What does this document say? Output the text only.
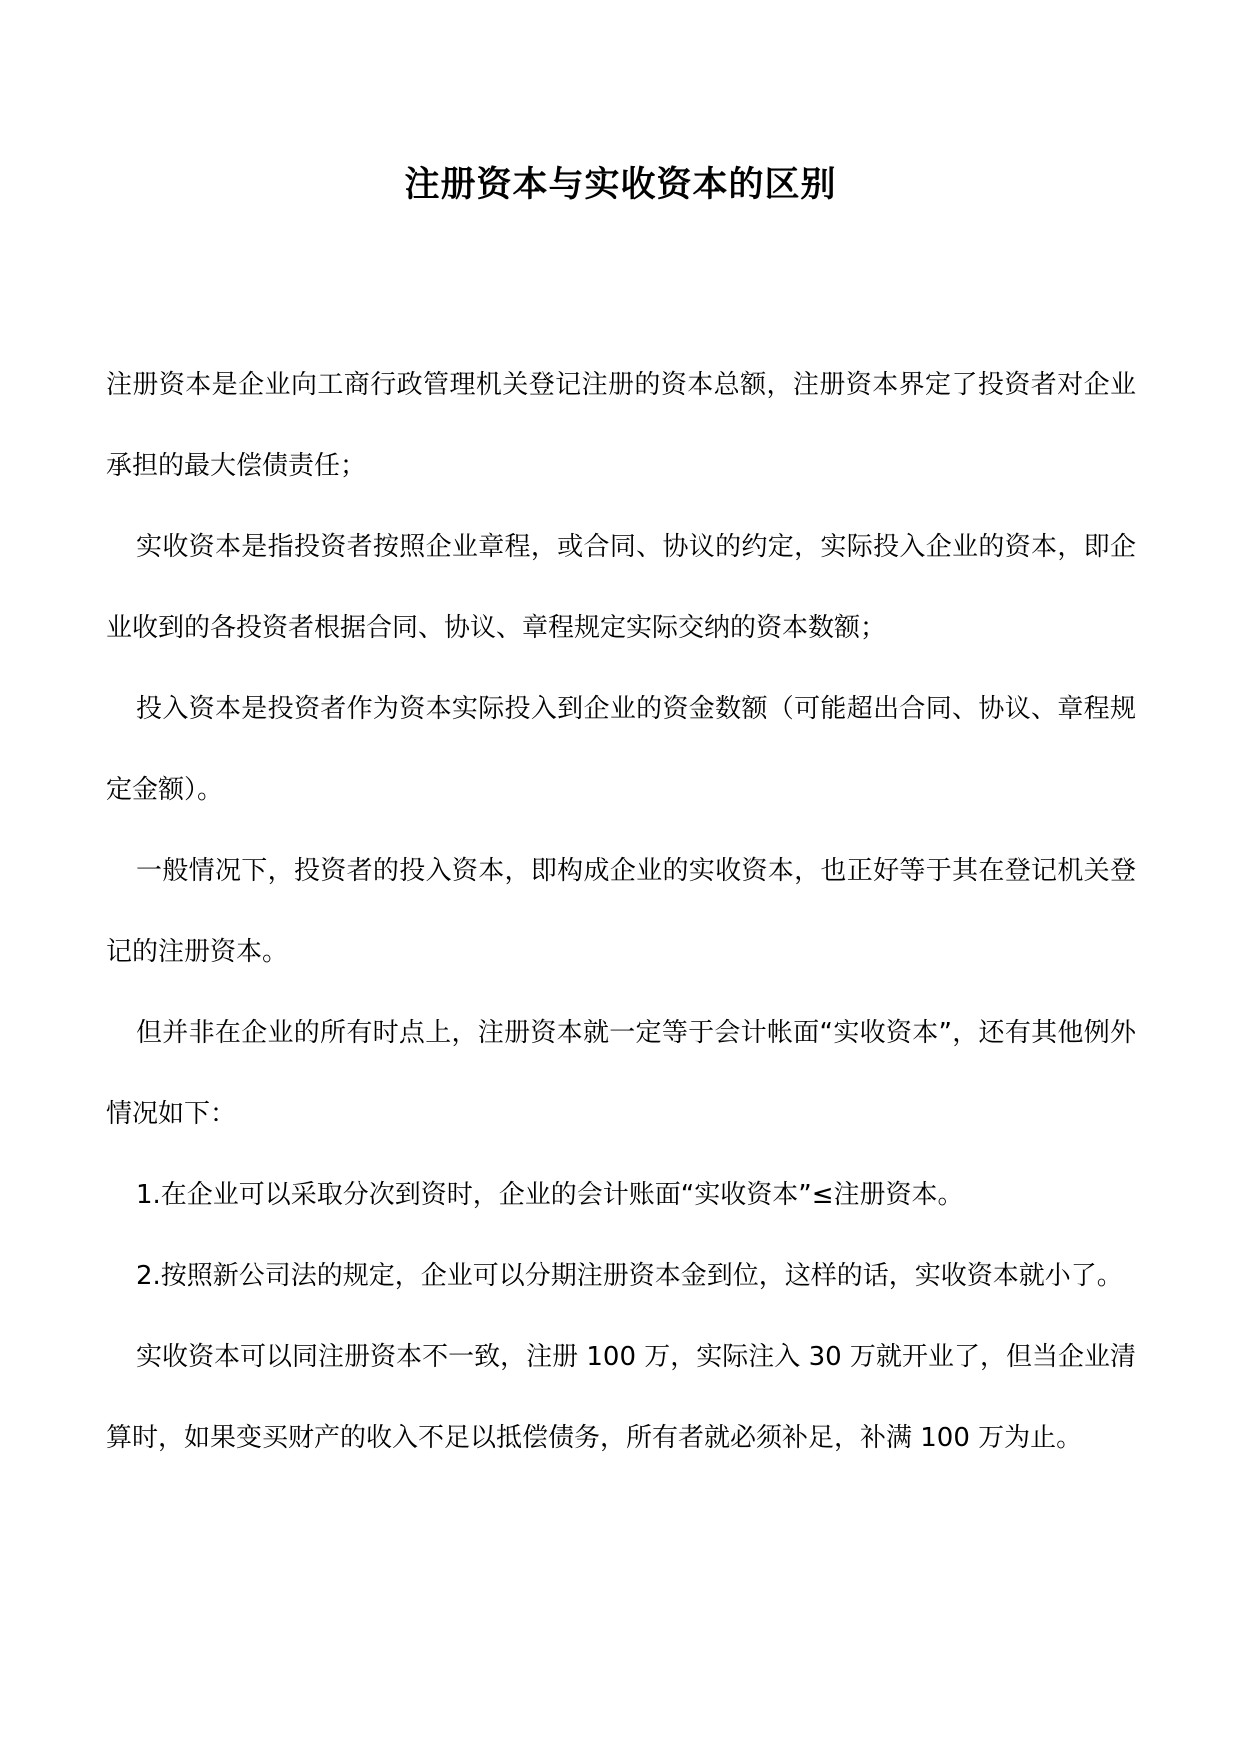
注册资本与实收资本的区别

注册资本是企业向工商行政管理机关登记注册的资本总额，注册资本界定了投资者对企业承担的最大偿债责任；

实收资本是指投资者按照企业章程，或合同、协议的约定，实际投入企业的资本，即企业收到的各投资者根据合同、协议、章程规定实际交纳的资本数额；

投入资本是投资者作为资本实际投入到企业的资金数额（可能超出合同、协议、章程规定金额）。

一般情况下，投资者的投入资本，即构成企业的实收资本，也正好等于其在登记机关登记的注册资本。

但并非在企业的所有时点上，注册资本就一定等于会计帐面“实收资本”，还有其他例外情况如下：

1.在企业可以采取分次到资时，企业的会计账面“实收资本”≤注册资本。

2.按照新公司法的规定，企业可以分期注册资本金到位，这样的话，实收资本就小了。

实收资本可以同注册资本不一致，注册 100 万，实际注入 30 万就开业了，但当企业清算时，如果变买财产的收入不足以抵偿债务，所有者就必须补足，补满 100 万为止。
